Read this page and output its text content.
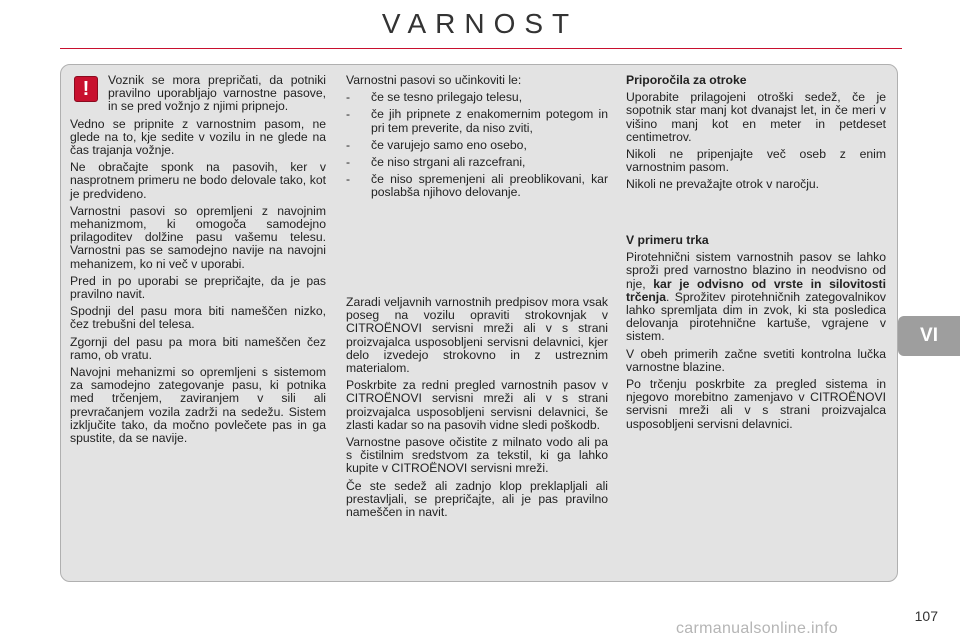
VARNOST
!	Voznik se mora prepričati, da potniki pravilno uporabljajo varnostne pasove, in se pred vožnjo z njimi pripnejo.

Vedno se pripnite z varnostnim pasom, ne glede na to, kje sedite v vozilu in ne glede na čas trajanja vožnje.

Ne obračajte sponk na pasovih, ker v nasprotnem primeru ne bodo delovale tako, kot je predvideno.

Varnostni pasovi so opremljeni z navojnim mehanizmom, ki omogoča samodejno prilagoditev dolžine pasu vašemu telesu. Varnostni pas se samodejno navije na navojni mehanizem, ko ni več v uporabi.

Pred in po uporabi se prepričajte, da je pas pravilno navit.

Spodnji del pasu mora biti nameščen nizko, čez trebušni del telesa.

Zgornji del pasu pa mora biti nameščen čez ramo, ob vratu.

Navojni mehanizmi so opremljeni s sistemom za samodejno zategovanje pasu, ki potnika med trčenjem, zaviranjem v sili ali prevračanjem vozila zadrži na sedežu. Sistem izključite tako, da močno povlečete pas in ga spustite, da se navije.

Varnostni pasovi so učinkoviti le:

- če se tesno prilegajo telesu,
- če jih pripnete z enakomernim potegom in pri tem preverite, da niso zviti,
- če varujejo samo eno osebo,
- če niso strgani ali razcefrani,
- če niso spremenjeni ali preoblikovani, kar poslabša njihovo delovanje.

Zaradi veljavnih varnostnih predpisov mora vsak poseg na vozilu opraviti strokovnjak v CITROËNOVI servisni mreži ali v s strani proizvajalca usposobljeni servisni delavnici, kjer delo izvedejo strokovno in z ustreznim materialom.

Poskrbite za redni pregled varnostnih pasov v CITROËNOVI servisni mreži ali v s strani proizvajalca usposobljeni servisni delavnici, še zlasti kadar so na pasovih vidne sledi poškodb.

Varnostne pasove očistite z milnato vodo ali pa s čistilnim sredstvom za tekstil, ki ga lahko kupite v CITROËNOVI servisni mreži.

Če ste sedež ali zadnjo klop preklapljali ali prestavljali, se prepričajte, ali je pas pravilno nameščen in navit.

Priporočila za otroke

Uporabite prilagojeni otroški sedež, če je sopotnik star manj kot dvanajst let, in če meri v višino manj kot en meter in petdeset centimetrov.

Nikoli ne pripenjajte več oseb z enim varnostnim pasom.

Nikoli ne prevažajte otrok v naročju.

V primeru trka

Pirotehnični sistem varnostnih pasov se lahko sproži pred varnostno blazino in neodvisno od nje, kar je odvisno od vrste in silovitosti trčenja. Sprožitev pirotehničnih zategovalnikov lahko spremljata dim in zvok, ki sta posledica delovanja pirotehnične kartuše, vgrajene v sistem.

V obeh primerih začne svetiti kontrolna lučka varnostne blazine.

Po trčenju poskrbite za pregled sistema in njegovo morebitno zamenjavo v CITROËNOVI servisni mreži ali v s strani proizvajalca usposobljeni servisni delavnici.

VI
107
carmanualsonline.info
